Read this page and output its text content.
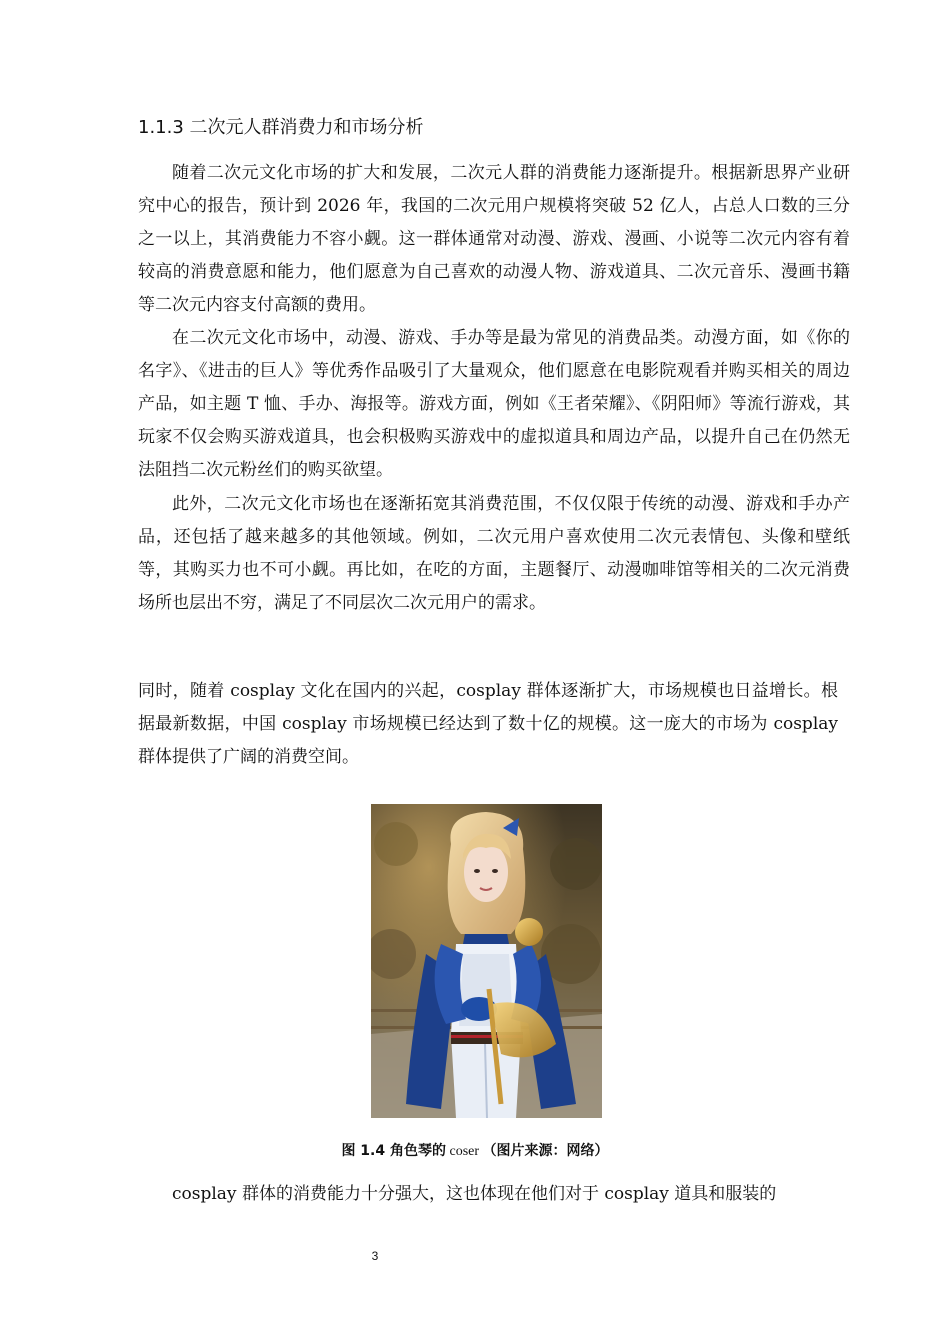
1.1.3 二次元人群消费力和市场分析

随着二次元文化市场的扩大和发展，二次元人群的消费能力逐渐提升。根据新思界产业研究中心的报告，预计到 2026 年，我国的二次元用户规模将突破 52 亿人，占总人口数的三分之一以上，其消费能力不容小觑。这一群体通常对动漫、游戏、漫画、小说等二次元内容有着较高的消费意愿和能力，他们愿意为自己喜欢的动漫人物、游戏道具、二次元音乐、漫画书籍等二次元内容支付高额的费用。

在二次元文化市场中，动漫、游戏、手办等是最为常见的消费品类。动漫方面，如《你的名字》、《进击的巨人》等优秀作品吸引了大量观众，他们愿意在电影院观看并购买相关的周边产品，如主题 T 恤、手办、海报等。游戏方面，例如《王者荣耀》、《阴阳师》等流行游戏，其玩家不仅会购买游戏道具，也会积极购买游戏中的虚拟道具和周边产品，以提升自己在仍然无法阻挡二次元粉丝们的购买欲望。

此外，二次元文化市场也在逐渐拓宽其消费范围，不仅仅限于传统的动漫、游戏和手办产品，还包括了越来越多的其他领域。例如，二次元用户喜欢使用二次元表情包、头像和壁纸等，其购买力也不可小觑。再比如，在吃的方面，主题餐厅、动漫咖啡馆等相关的二次元消费场所也层出不穷，满足了不同层次二次元用户的需求。

同时，随着 cosplay 文化在国内的兴起，cosplay 群体逐渐扩大，市场规模也日益增长。根据最新数据，中国 cosplay 市场规模已经达到了数十亿的规模。这一庞大的市场为 cosplay 群体提供了广阔的消费空间。

图 1.4 角色琴的 coser （图片来源：网络）

cosplay 群体的消费能力十分强大，这也体现在他们对于 cosplay 道具和服装的

3
